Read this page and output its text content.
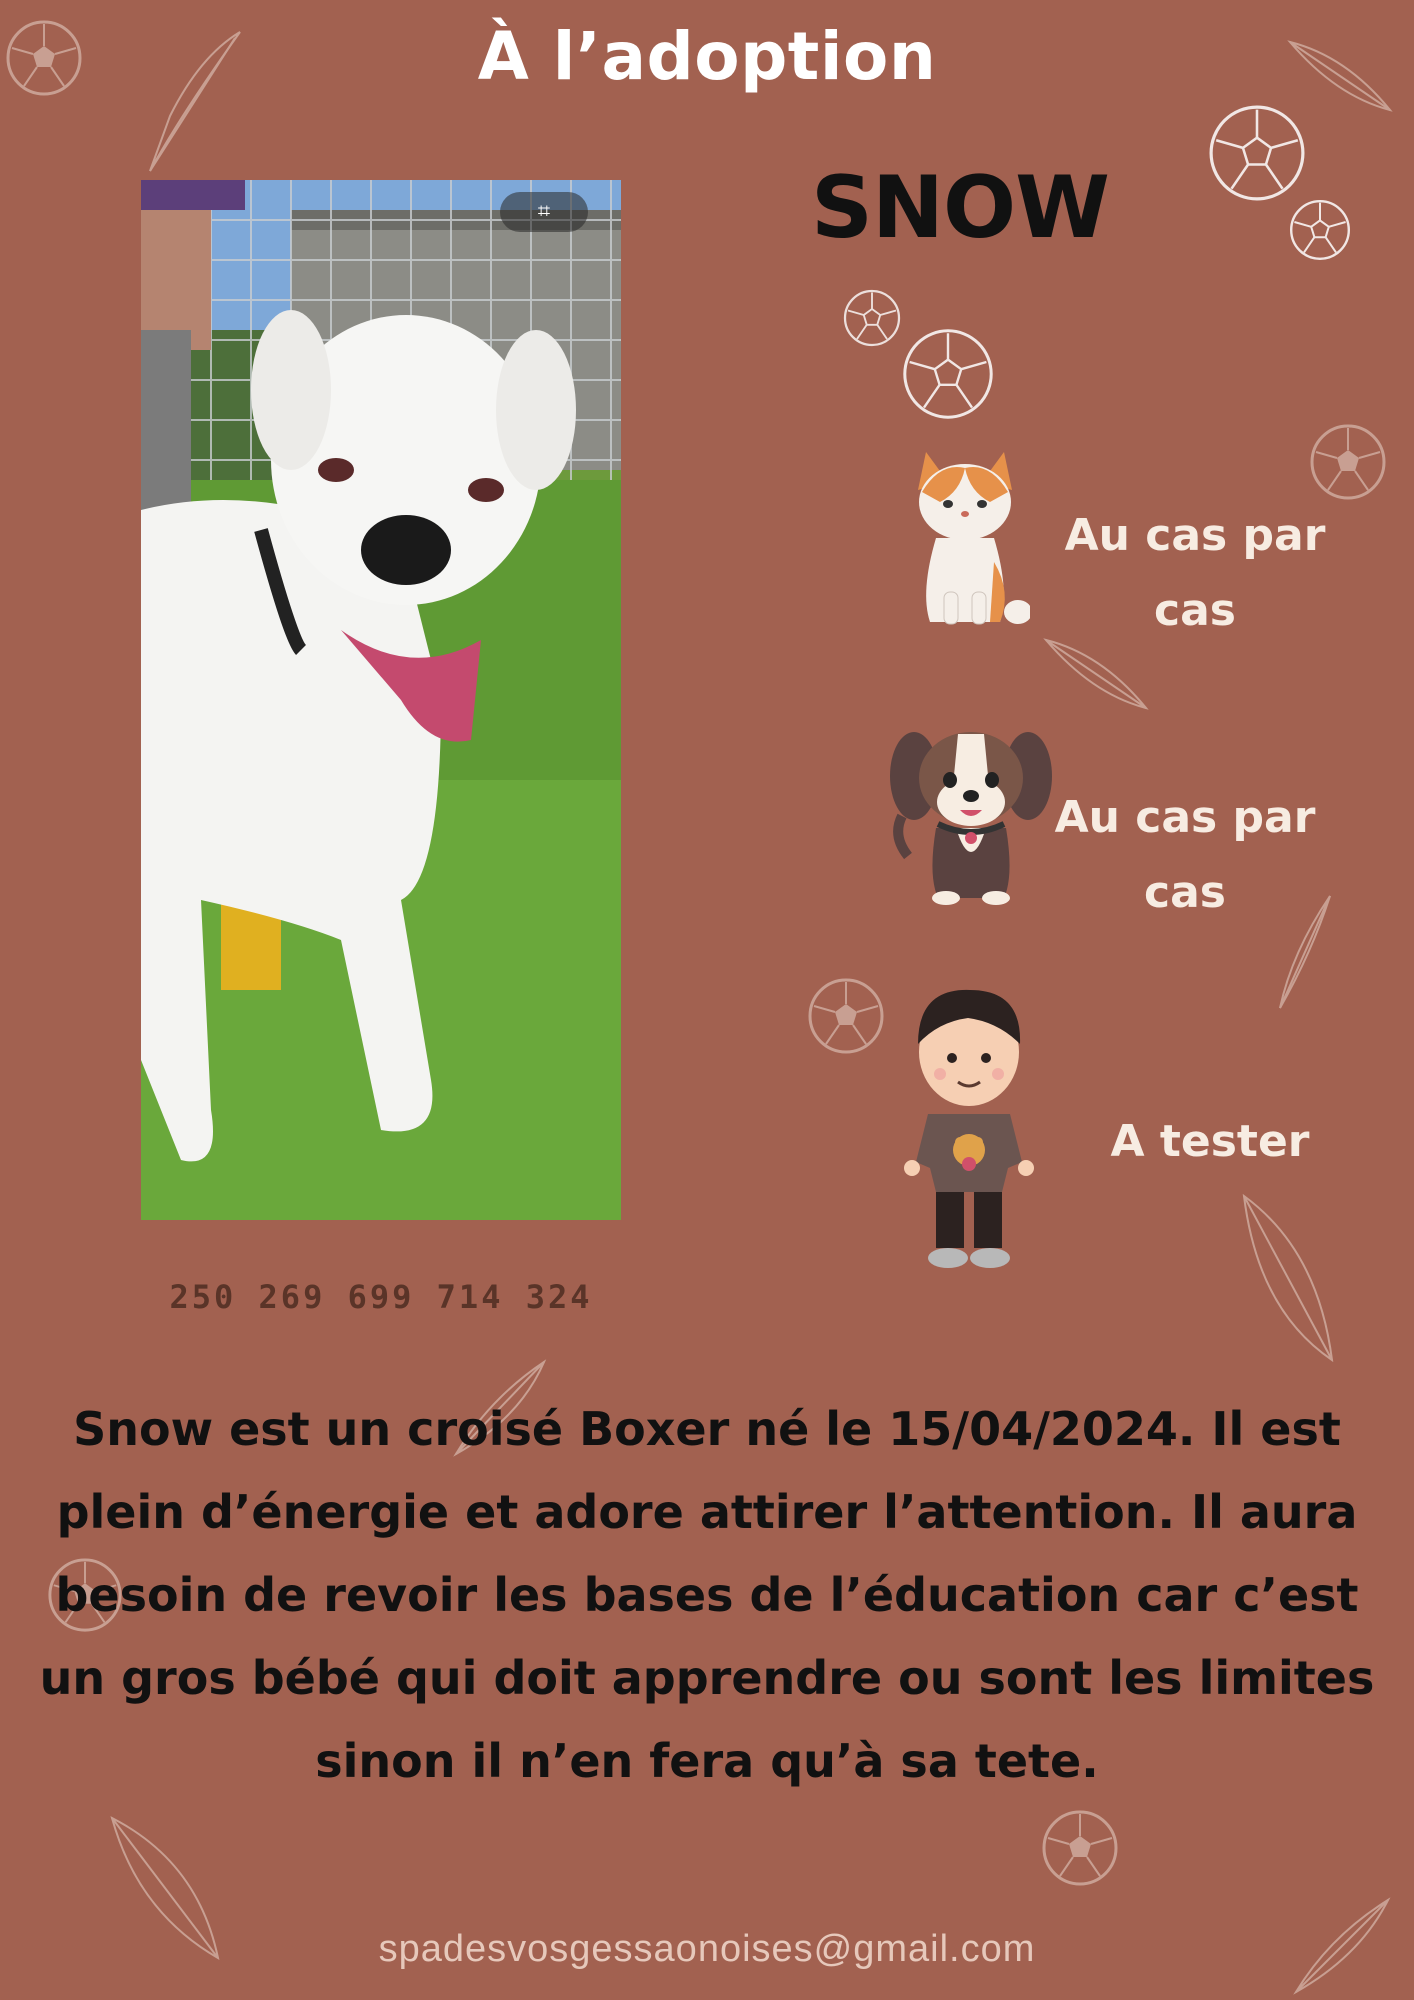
À l’adoption
⌗
250 269 699 714 324
SNOW
Au cas par
cas
Au cas par
cas
A tester
Snow est un croisé Boxer né le 15/04/2024. Il est
plein d’énergie et adore attirer l’attention. Il aura
besoin de revoir les bases de l’éducation car c’est
un gros bébé qui doit apprendre ou sont les limites
sinon il n’en fera qu’à sa tete.
spadesvosgessaonoises@gmail.com
